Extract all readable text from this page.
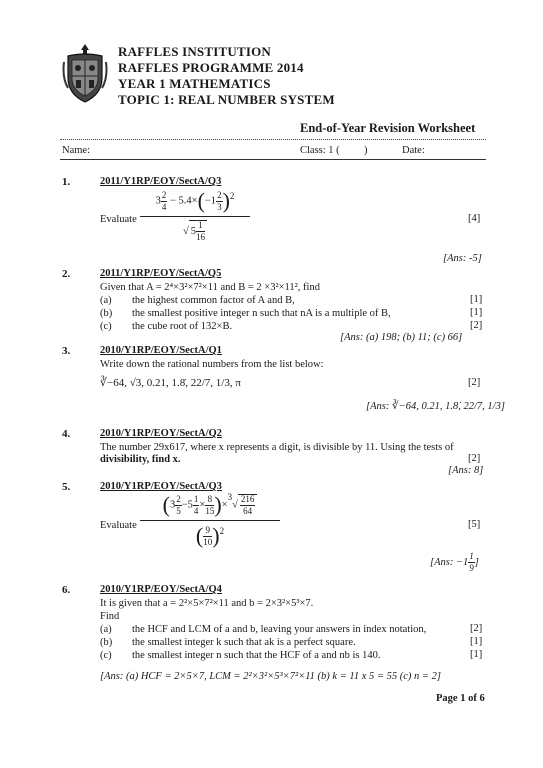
RAFFLES INSTITUTION
RAFFLES PROGRAMME 2014
YEAR 1 MATHEMATICS
TOPIC 1: REAL NUMBER SYSTEM
End-of-Year Revision Worksheet
Name:	Class: 1 ( )	Date:
1.	2011/Y1RP/EOY/SectA/Q3
Evaluate
$3 \frac{2}{4} - 5.4\times(-1 \frac{2}{3} )^2$
√ $5 \frac{1}{16}$
[4]
[Ans: -5]
2.	2011/Y1RP/EOY/SectA/Q5
Given that A = 2⁴×3²×7²×11 and B = 2 ×3²×11², find
(a) the highest common factor of A and B,	[1]
(b) the smallest positive integer n such that nA is a multiple of B,	[1]
(c) the cube root of 132×B.	[2]
[Ans: (a) 198; (b) 11; (c) 66]
3.	2010/Y1RP/EOY/SectA/Q1
Write down the rational numbers from the list below:
∛−64, √3, 0.21, 1.8̇, 22/7, 1/3, π	[2]
[Ans: ∛−64, 0.21, 1.8̇, 22/7, 1/3]
4.	2010/Y1RP/EOY/SectA/Q2
The number 29x617, where x represents a digit, is divisible by 11. Using the tests of
divisibility, find x.	[2]
[Ans: 8]
5.	2010/Y1RP/EOY/SectA/Q3
Evaluate
$(3 \frac{2}{5} -5 \frac{1}{4} \times \frac{8}{15} )\times 3√ \frac{216}{64}$
( $\frac{9}{10} )^2$
[5]
[Ans: $-1 \frac{1}{9}$ ]
6.	2010/Y1RP/EOY/SectA/Q4
It is given that a = 2²×5×7²×11 and b = 2×3²×5³×7.
Find
(a) the HCF and LCM of a and b, leaving your answers in index notation,	[2]
(b) the smallest integer k such that ak is a perfect square.	[1]
(c) the smallest integer n such that the HCF of a and nb is 140.	[1]
[Ans: (a) HCF = 2×5×7, LCM = 2²×3²×5³×7²×11 (b) k = 11 x 5 = 55 (c) n = 2]
Page 1 of 6
